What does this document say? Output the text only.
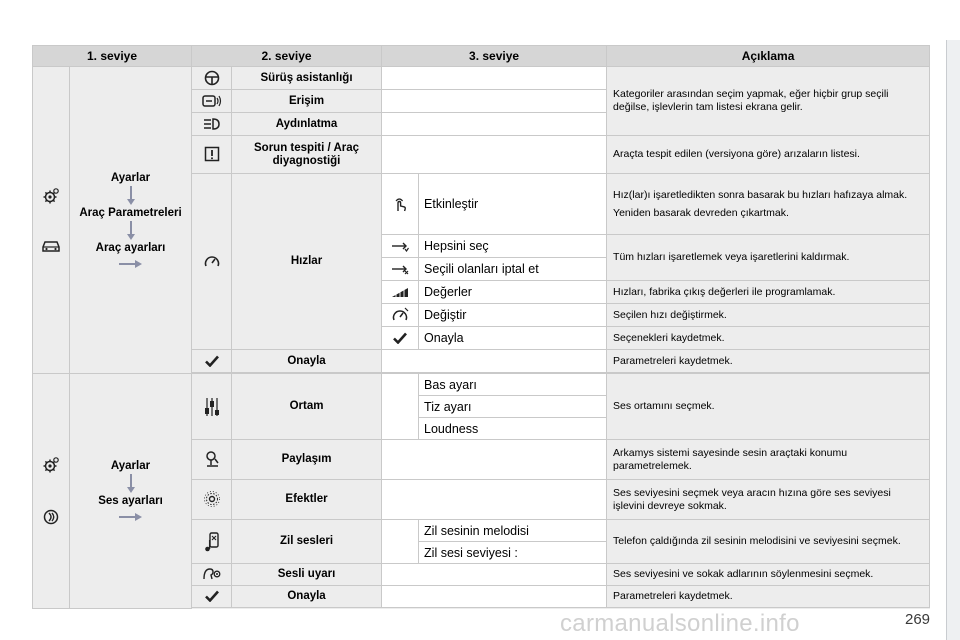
1. seviye		2. seviye		3. seviye		Açıklama

Ayarlar
Araç Parametreleri
Araç ayarları		Sürüş asistanlığı			Kategoriler arasından seçim yapmak, eğer hiçbir grup seçili değilse, işlevlerin tam listesi ekrana gelir.
	Erişim			
	Aydınlatma			
	Sorun tespiti / Araç diyagnostiği			Araçta tespit edilen (versiyona göre) arızaların listesi.
	Hızlar		Etkinleştir	Hız(lar)ı işaretledikten sonra basarak bu hızları hafızaya almak.

Yeniden basarak devreden çıkartmak.

	Hepsini seç	Tüm hızları işaretlemek veya işaretlerini kaldırmak.
	Seçili olanları iptal et	
	Değerler	Hızları, fabrika çıkış değerleri ile programlamak.
	Değiştir	Seçilen hızı değiştirmek.
	Onayla	Seçenekleri kaydetmek.
	Onayla			Parametreleri kaydetmek.

Ayarlar
Ses ayarları		Ortam		Bas ayarı	Ses ortamını seçmek.
					Tiz ayarı	
					Loudness	
	Paylaşım			Arkamys sistemi sayesinde sesin araçtaki konumu parametrelemek.
	Efektler			Ses seviyesini seçmek veya aracın hızına göre ses seviyesi işlevini devreye sokmak.
	Zil sesleri		Zil sesinin melodisi	Telefon çaldığında zil sesinin melodisini ve seviyesini seçmek.
					Zil sesi seviyesi :	
	Sesli uyarı			Ses seviyesini ve sokak adlarının söylenmesini seçmek.
	Onayla			Parametreleri kaydetmek.

carmanualsonline.info	269
